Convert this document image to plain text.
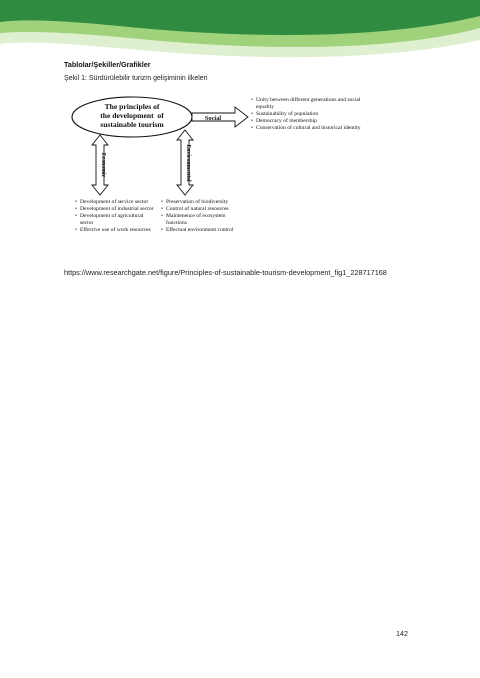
Tablolar/Şekiller/Grafikler
Şekil 1: Sürdürülebilir turizm gelişiminin ilkeleri
The principles of
the development  of
sustainable tourism
Social
Economic	Environmental
• Unity between different generations and social equality
• Sustainability of population
• Democracy of membership
• Conservation of cultural and historical identity
• Development of service sector
• Development of industrial sector
• Development of agricultural sector
• Effective use of work resources
• Preservation of biodiversity
• Control of natural resources
• Maintenence of ecosystem functions
• Effectual environment control
https://www.researchgate.net/figure/Principles-of-sustainable-tourism-development_fig1_228717168
142
